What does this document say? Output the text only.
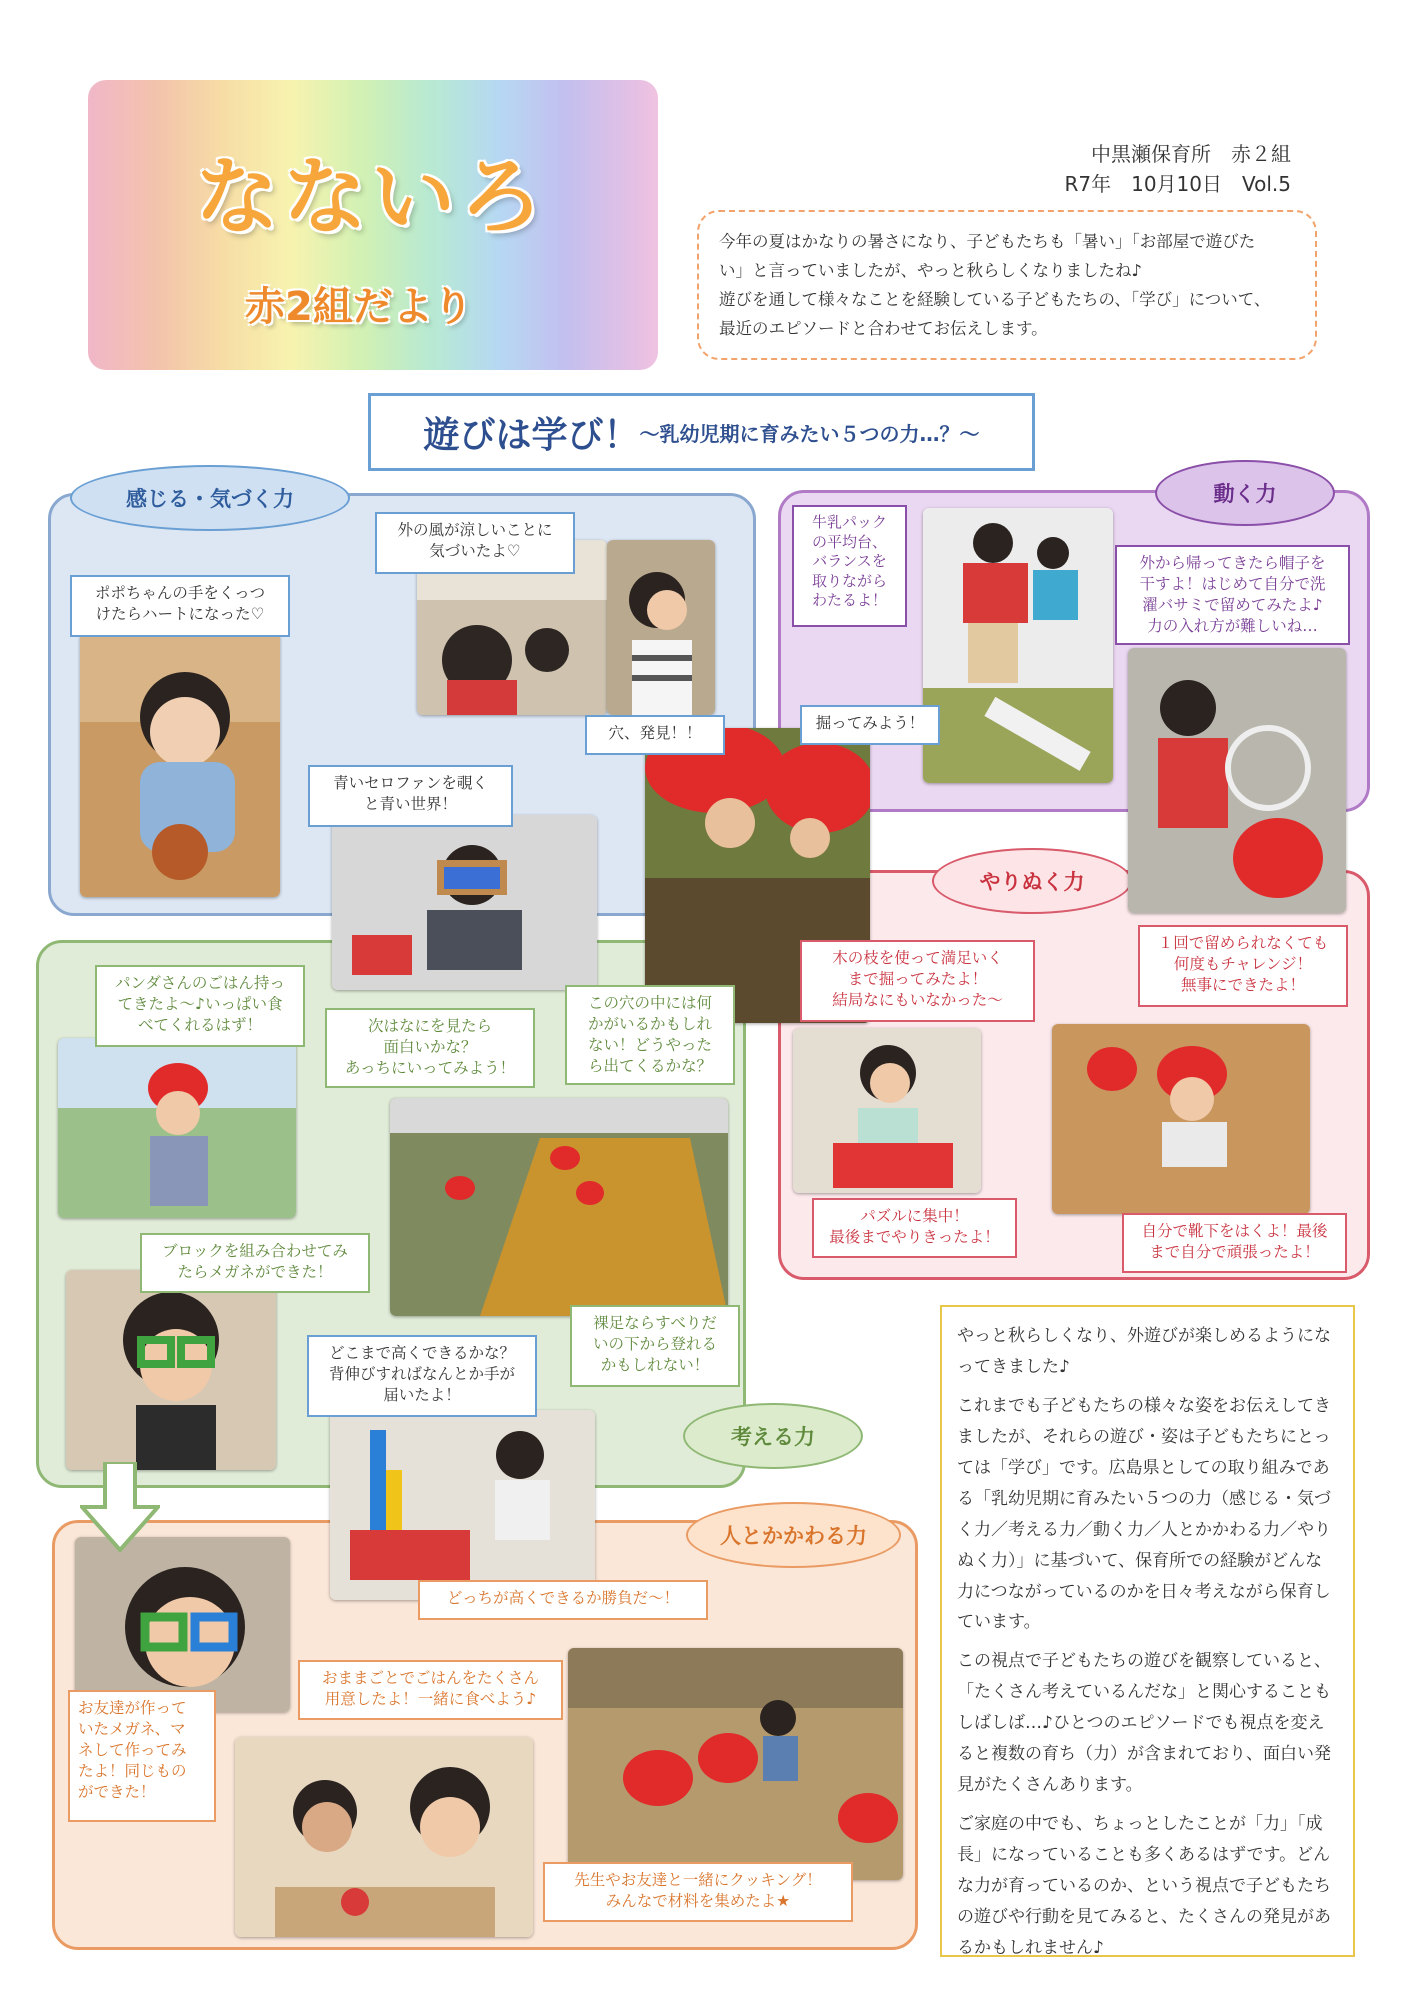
なないろ
赤2組だより
中黒瀬保育所　赤２組
R7年　10月10日　Vol.5
今年の夏はかなりの暑さになり、子どもたちも「暑い」「お部屋で遊びた
い」と言っていましたが、やっと秋らしくなりましたね♪
遊びを通して様々なことを経験している子どもたちの、「学び」について、
最近のエピソードと合わせてお伝えします。
遊びは学び！ ～乳幼児期に育みたい５つの力…？～
感じる・気づく力	動く力
やりぬく力
考える力
人とかかわる力
ポポちゃんの手をくっつ
けたらハートになった♡
外の風が涼しいことに
気づいたよ♡
穴、発見！！
掘ってみよう！
青いセロファンを覗く
と青い世界！
牛乳パック
の平均台、
バランスを
取りながら
わたるよ！
外から帰ってきたら帽子を
干すよ！はじめて自分で洗
濯バサミで留めてみたよ♪
力の入れ方が難しいね…
木の枝を使って満足いく
まで掘ってみたよ！
結局なにもいなかった～
１回で留められなくても
何度もチャレンジ！
無事にできたよ！
パンダさんのごはん持っ
てきたよ～♪いっぱい食
べてくれるはず！	次はなにを見たら
面白いかな？
あっちにいってみよう！
この穴の中には何
かがいるかもしれ
ない！どうやった
ら出てくるかな？
ブロックを組み合わせてみ
たらメガネができた！
裸足ならすべりだ
いの下から登れる
かもしれない！
どこまで高くできるかな？
背伸びすればなんとか手が
届いたよ！
パズルに集中！
最後までやりきったよ！	自分で靴下をはくよ！最後
まで自分で頑張ったよ！
どっちが高くできるか勝負だ～！
お友達が作って
いたメガネ、マ
ネして作ってみ
たよ！同じもの
ができた！
おままごとでごはんをたくさん
用意したよ！一緒に食べよう♪
先生やお友達と一緒にクッキング！
みんなで材料を集めたよ★

やっと秋らしくなり、外遊びが楽しめるようになってきました♪

これまでも子どもたちの様々な姿をお伝えしてきましたが、それらの遊び・姿は子どもたちにとっては「学び」です。広島県としての取り組みである「乳幼児期に育みたい５つの力（感じる・気づく力／考える力／動く力／人とかかわる力／やりぬく力）」に基づいて、保育所での経験がどんな力につながっているのかを日々考えながら保育しています。

この視点で子どもたちの遊びを観察していると、「たくさん考えているんだな」と関心することもしばしば…♪ひとつのエピソードでも視点を変えると複数の育ち（力）が含まれており、面白い発見がたくさんあります。

ご家庭の中でも、ちょっとしたことが「力」「成長」になっていることも多くあるはずです。どんな力が育っているのか、という視点で子どもたちの遊びや行動を見てみると、たくさんの発見があるかもしれません♪
